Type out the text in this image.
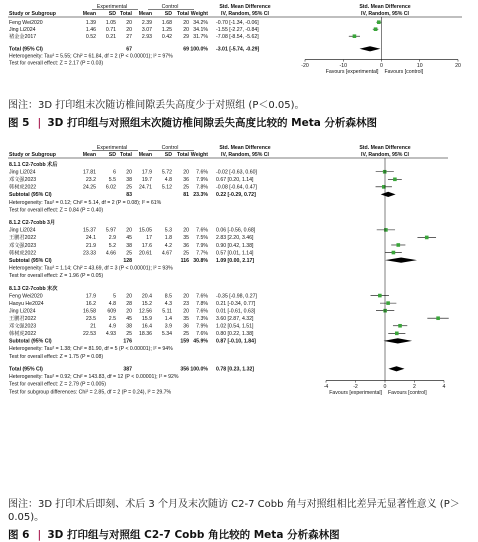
Experimental	Control	Std. Mean Difference	Std. Mean Difference
Study or Subgroup	Mean SD Total Mean SD Total Weight	IV, Random, 95% CI	IV, Random, 95% CI
Feng Wei2020	1.39 1.05 20 2.39 1.68 20 34.2% -0.70 [-1.34, -0.06]
Jing Li2024	1.46 0.71 20 3.07 1.25 20 34.1% -1.55 [-2.27, -0.84]
褚金金2017	0.52 0.21 27 2.93 0.42 29 31.7% -7.08 [-8.54, -5.62]
Total (95% CI)	67	69 100.0% -3.01 [-5.74, -0.29]
Heterogeneity: Tau² = 5.55; Chi² = 61.84, df = 2 (P < 0.00001); I² = 97%
Test for overall effect: Z = 2.17 (P = 0.03)	-20	-10	0	10	20
Favours [experimental] Favours [control]
图注：3D 打印组末次随访椎间隙丢失高度少于对照组 (P＜0.05)。
图 5 | 3D 打印组与对照组末次随访椎间隙丢失高度比较的 Meta 分析森林图
Experimental	Control	Std. Mean Difference	Std. Mean Difference
Study or Subgroup	Mean SD Total Mean SD Total Weight	IV, Random, 95% CI	IV, Random, 95% CI
8.1.1 C2-7cobb 术后
Jing Li2024	17.81	6 20 17.9 5.72 20 7.6% -0.02 [-0.63, 0.60]
邓文强2023	23.2 5.5 38 19.7 4.8 36 7.9% 0.67 [0.20, 1.14]
韩树虎2022	24.25 6.02 25 24.71 5.12 25 7.8% -0.08 [-0.64, 0.47]
Subtotal (95% CI)	83	81 23.3% 0.22 [-0.29, 0.72]
Heterogeneity: Tau² = 0.12; Chi² = 5.14, df = 2 (P = 0.08); I² = 61%
Test for overall effect: Z = 0.84 (P = 0.40)
8.1.2 C2-7cobb 3月
Jing Li2024	15.37 5.97 20 15.05 5.3 20 7.6% 0.06 [-0.56, 0.68]
王鹏君2022	24.1 2.9 45	17 1.8 35 7.5% 2.83 [2.20, 3.46]
邓文强2023	21.9 5.2 38 17.6 4.2 36 7.9% 0.90 [0.42, 1.38]
韩树虎2022	23.33 4.66 25 20.61 4.67 25 7.7% 0.57 [0.01, 1.14]
Subtotal (95% CI)	128	116 30.8% 1.09 [0.00, 2.17]
Heterogeneity: Tau² = 1.14; Chi² = 43.69, df = 3 (P < 0.00001); I² = 93%
Test for overall effect: Z = 1.96 (P = 0.05)
8.1.3 C2-7cobb 末次
Feng Wei2020	17.9	5 20 20.4 8.5 20 7.6% -0.35 [-0.98, 0.27]
Haoyu He2024	16.2 4.8 28 15.2 4.3 23 7.8% 0.21 [-0.34, 0.77]
Jing Li2024	16.58 609 20 12.56 5.11 20 7.6% 0.01 [-0.61, 0.63]
王鹏君2022	23.5 2.5 45 15.9 1.4 35 7.3% 3.60 [2.87, 4.32]
邓文强2023	21 4.9 38 16.4 3.9 36 7.9% 1.02 [0.54, 1.51]
韩树虎2022	22.53 4.93 25 18.36 5.34 25 7.6% 0.80 [0.22, 1.38]
Subtotal (95% CI)	176	159 45.9% 0.87 [-0.10, 1.84]
Heterogeneity: Tau² = 1.38; Chi² = 81.90, df = 5 (P < 0.00001); I² = 94%
Test for overall effect: Z = 1.75 (P = 0.08)
Total (95% CI)	387	356 100.0% 0.78 [0.23, 1.32]
Heterogeneity: Tau² = 0.92; Chi² = 143.83, df = 12 (P < 0.00001); I² = 92%
Test for overall effect: Z = 2.79 (P = 0.005)
Test for subgroup differences: Chi² = 2.85, df = 2 (P = 0.24), I² = 29.7%
-4	-2	0	2	4
Favours [experimental] Favours [control]
图注：3D 打印术后即刻、术后 3 个月及末次随访 C2-7 Cobb 角与对照组相比差异无显著性意义 (P＞0.05)。
图 6 | 3D 打印组与对照组 C2-7 Cobb 角比较的 Meta 分析森林图
